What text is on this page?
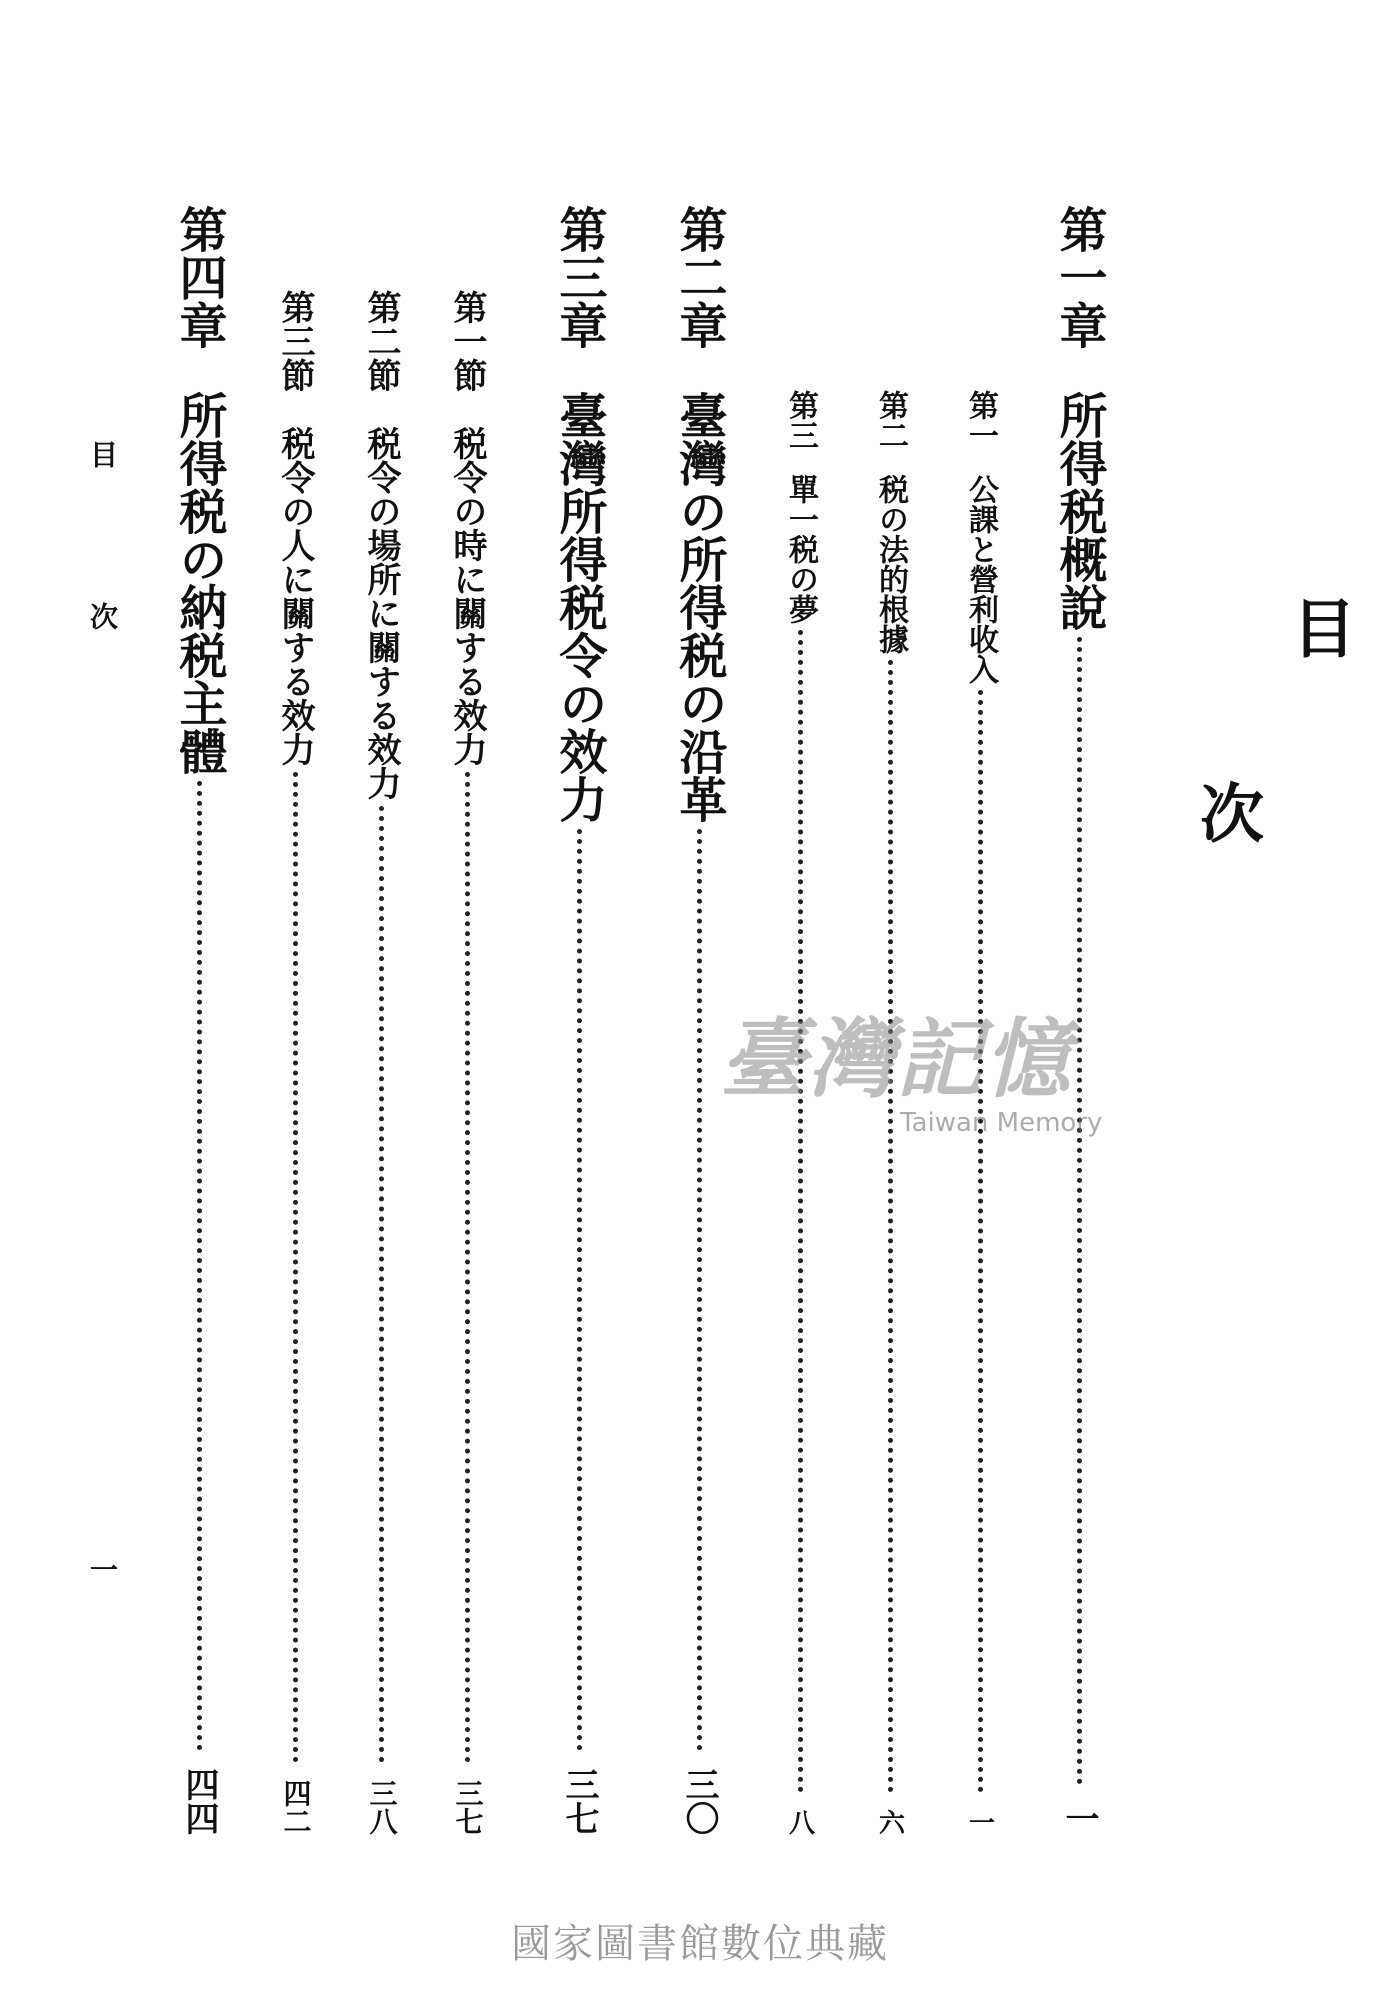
目
次
第一章
所得税概說
一
第一
公課と營利收入
一
第二
税の法的根據
六
第三
單一税の夢
八
第二章
臺灣の所得税の沿革
三〇
第三章
臺灣所得税令の效力
三七
第一節
税令の時に關する效力
三七
第二節
税令の場所に關する效力
三八
第三節
税令の人に關する效力
四二
第四章
所得税の納税主體
四四
目 次
一
臺灣記憶
Taiwan Memory
國家圖書館數位典藏
